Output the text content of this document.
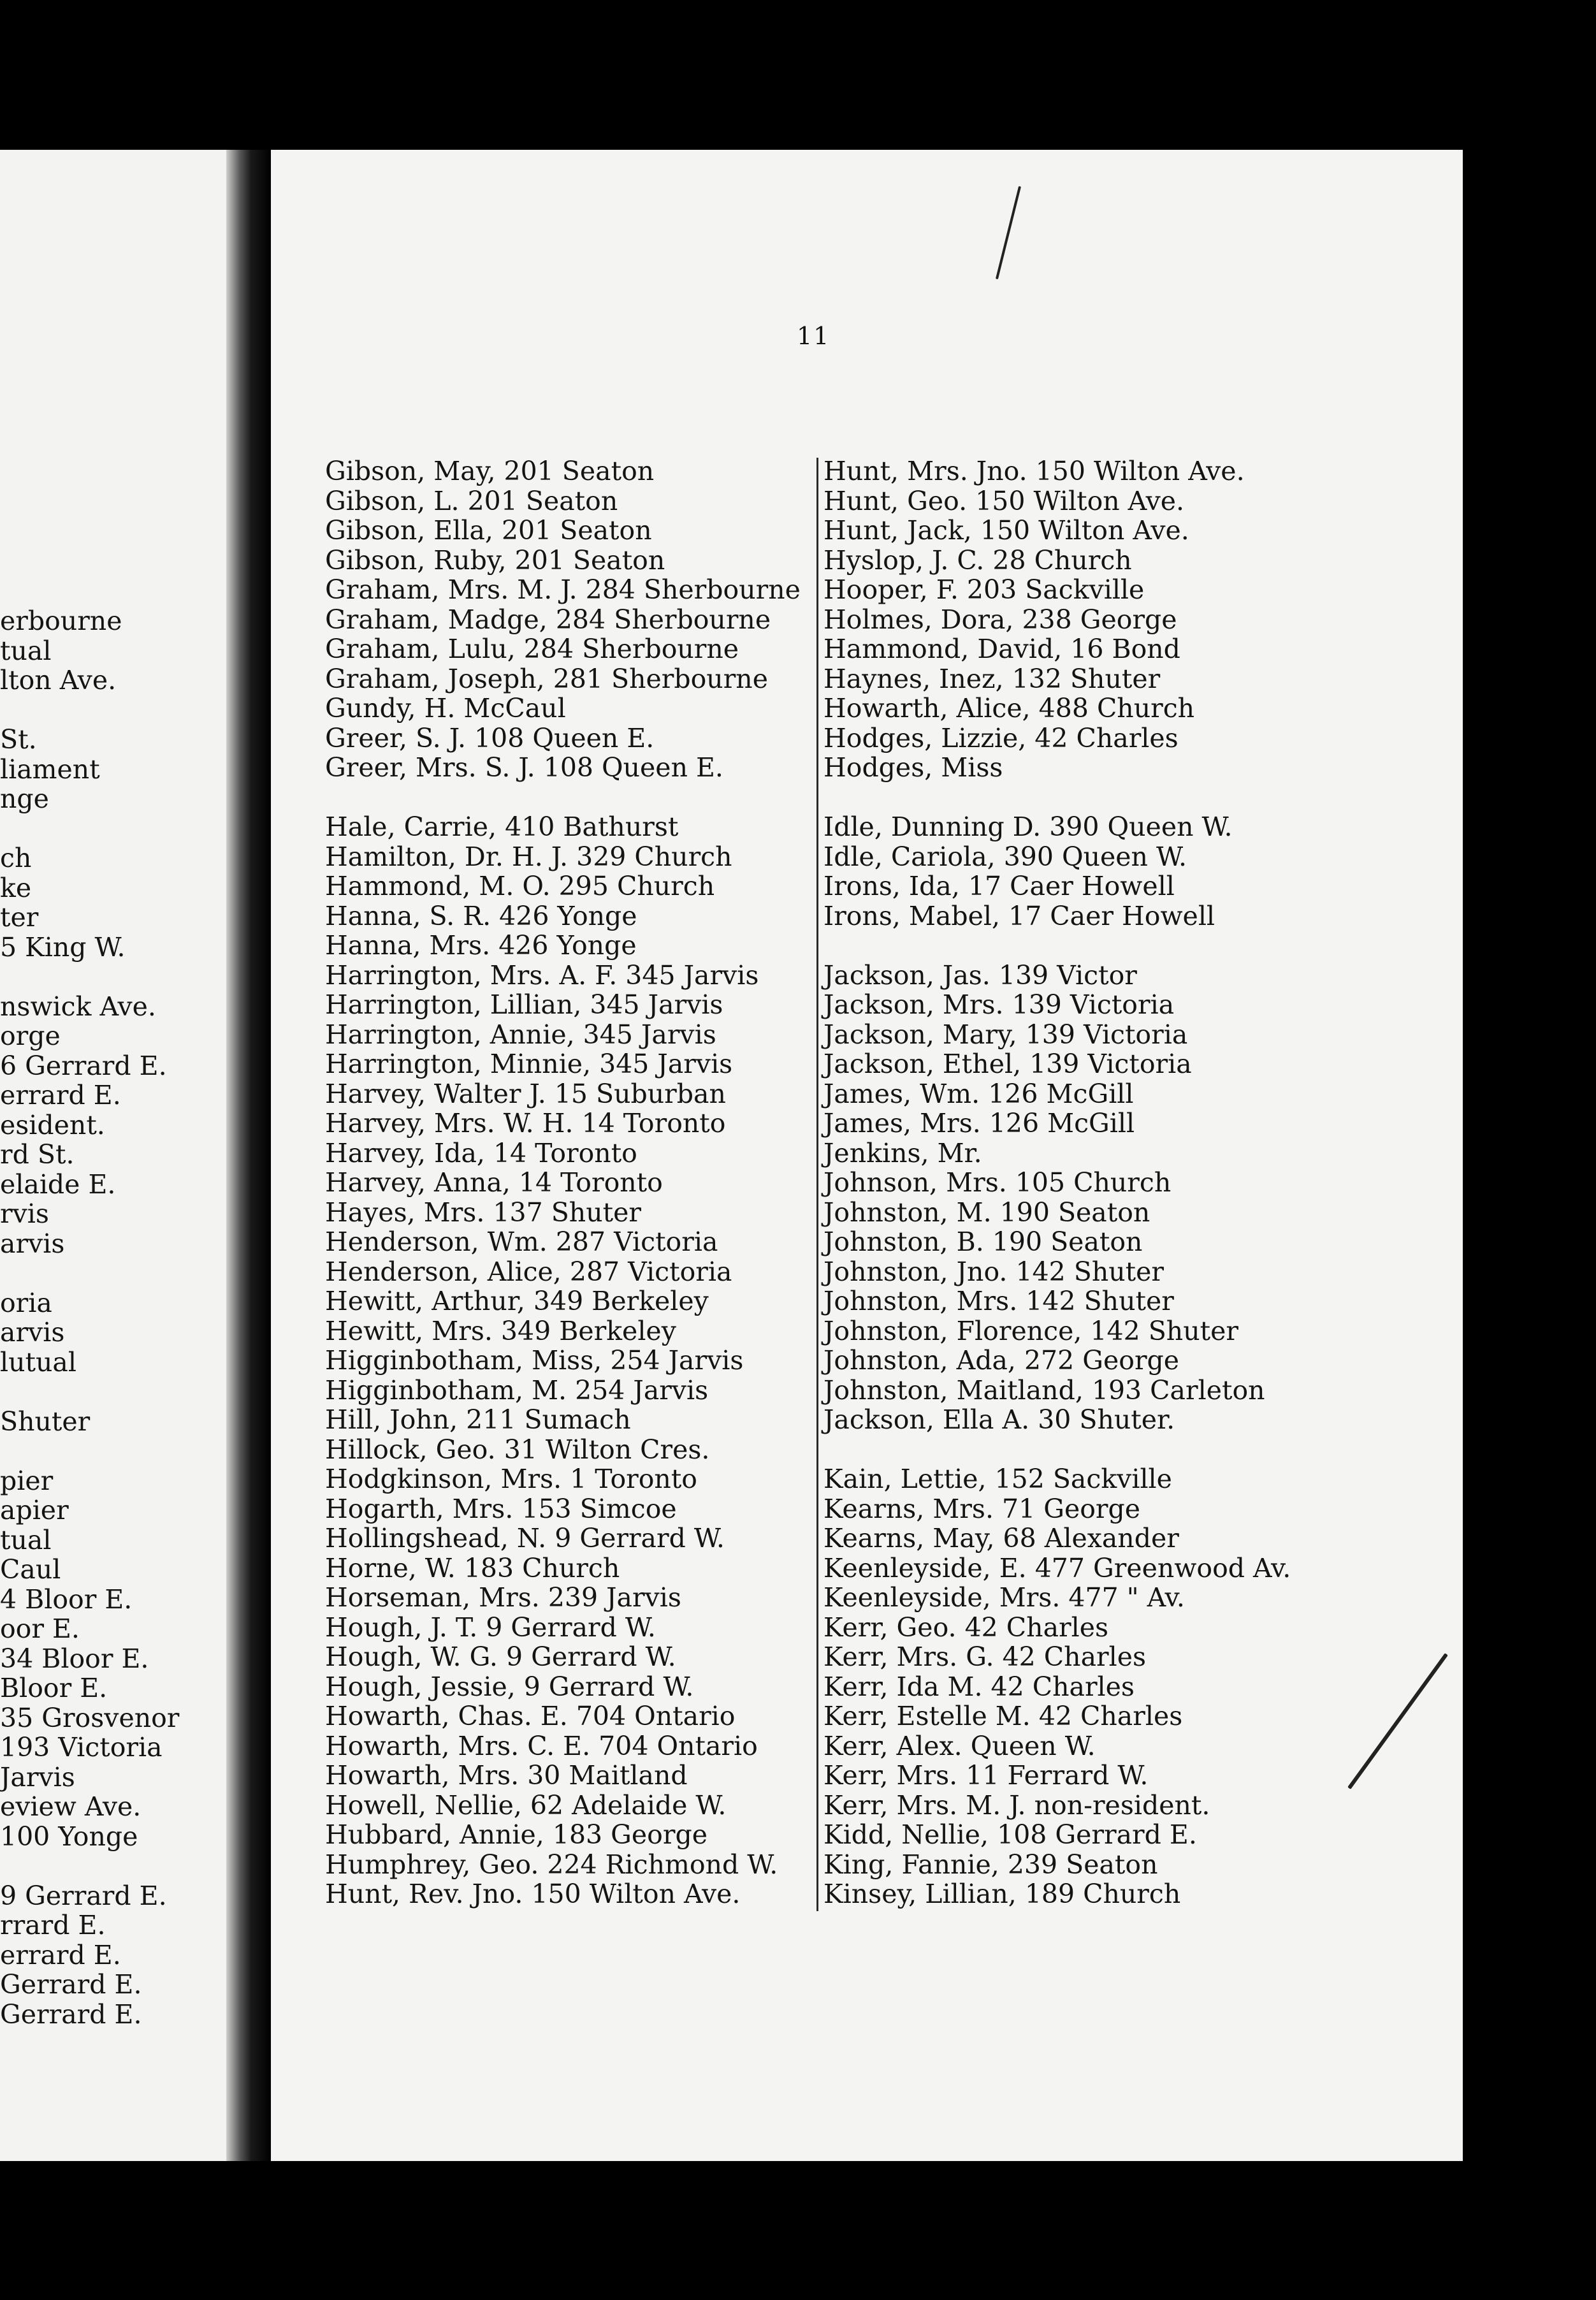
erbourne
tual
lton Ave.
St.
liament
nge
ch
ke
ter
5 King W.
nswick Ave.
orge
6 Gerrard E.
errard E.
esident.
rd St.
elaide E.
rvis
arvis
oria
arvis
lutual
Shuter
pier
apier
tual
Caul
4 Bloor E.
oor E.
34 Bloor E.
Bloor E.
35 Grosvenor
193 Victoria
Jarvis
eview Ave.
100 Yonge
9 Gerrard E.
rrard E.
errard E.
Gerrard E.
Gerrard E.
11
Gibson, May, 201 Seaton
Gibson, L. 201 Seaton
Gibson, Ella, 201 Seaton
Gibson, Ruby, 201 Seaton
Graham, Mrs. M. J. 284 Sherbourne
Graham, Madge, 284 Sherbourne
Graham, Lulu, 284 Sherbourne
Graham, Joseph, 281 Sherbourne
Gundy, H. McCaul
Greer, S. J. 108 Queen E.
Greer, Mrs. S. J. 108 Queen E.
Hale, Carrie, 410 Bathurst
Hamilton, Dr. H. J. 329 Church
Hammond, M. O. 295 Church
Hanna, S. R. 426 Yonge
Hanna, Mrs. 426 Yonge
Harrington, Mrs. A. F. 345 Jarvis
Harrington, Lillian, 345 Jarvis
Harrington, Annie, 345 Jarvis
Harrington, Minnie, 345 Jarvis
Harvey, Walter J. 15 Suburban
Harvey, Mrs. W. H. 14 Toronto
Harvey, Ida, 14 Toronto
Harvey, Anna, 14 Toronto
Hayes, Mrs. 137 Shuter
Henderson, Wm. 287 Victoria
Henderson, Alice, 287 Victoria
Hewitt, Arthur, 349 Berkeley
Hewitt, Mrs. 349 Berkeley
Higginbotham, Miss, 254 Jarvis
Higginbotham, M. 254 Jarvis
Hill, John, 211 Sumach
Hillock, Geo. 31 Wilton Cres.
Hodgkinson, Mrs. 1 Toronto
Hogarth, Mrs. 153 Simcoe
Hollingshead, N. 9 Gerrard W.
Horne, W. 183 Church
Horseman, Mrs. 239 Jarvis
Hough, J. T. 9 Gerrard W.
Hough, W. G. 9 Gerrard W.
Hough, Jessie, 9 Gerrard W.
Howarth, Chas. E. 704 Ontario
Howarth, Mrs. C. E. 704 Ontario
Howarth, Mrs. 30 Maitland
Howell, Nellie, 62 Adelaide W.
Hubbard, Annie, 183 George
Humphrey, Geo. 224 Richmond W.
Hunt, Rev. Jno. 150 Wilton Ave.
Hunt, Mrs. Jno. 150 Wilton Ave.
Hunt, Geo. 150 Wilton Ave.
Hunt, Jack, 150 Wilton Ave.
Hyslop, J. C. 28 Church
Hooper, F. 203 Sackville
Holmes, Dora, 238 George
Hammond, David, 16 Bond
Haynes, Inez, 132 Shuter
Howarth, Alice, 488 Church
Hodges, Lizzie, 42 Charles
Hodges, Miss
Idle, Dunning D. 390 Queen W.
Idle, Cariola, 390 Queen W.
Irons, Ida, 17 Caer Howell
Irons, Mabel, 17 Caer Howell
Jackson, Jas. 139 Victor
Jackson, Mrs. 139 Victoria
Jackson, Mary, 139 Victoria
Jackson, Ethel, 139 Victoria
James, Wm. 126 McGill
James, Mrs. 126 McGill
Jenkins, Mr.
Johnson, Mrs. 105 Church
Johnston, M. 190 Seaton
Johnston, B. 190 Seaton
Johnston, Jno. 142 Shuter
Johnston, Mrs. 142 Shuter
Johnston, Florence, 142 Shuter
Johnston, Ada, 272 George
Johnston, Maitland, 193 Carleton
Jackson, Ella A. 30 Shuter.
Kain, Lettie, 152 Sackville
Kearns, Mrs. 71 George
Kearns, May, 68 Alexander
Keenleyside, E. 477 Greenwood Av.
Keenleyside, Mrs. 477 " Av.
Kerr, Geo. 42 Charles
Kerr, Mrs. G. 42 Charles
Kerr, Ida M. 42 Charles
Kerr, Estelle M. 42 Charles
Kerr, Alex. Queen W.
Kerr, Mrs. 11 Ferrard W.
Kerr, Mrs. M. J. non-resident.
Kidd, Nellie, 108 Gerrard E.
King, Fannie, 239 Seaton
Kinsey, Lillian, 189 Church
